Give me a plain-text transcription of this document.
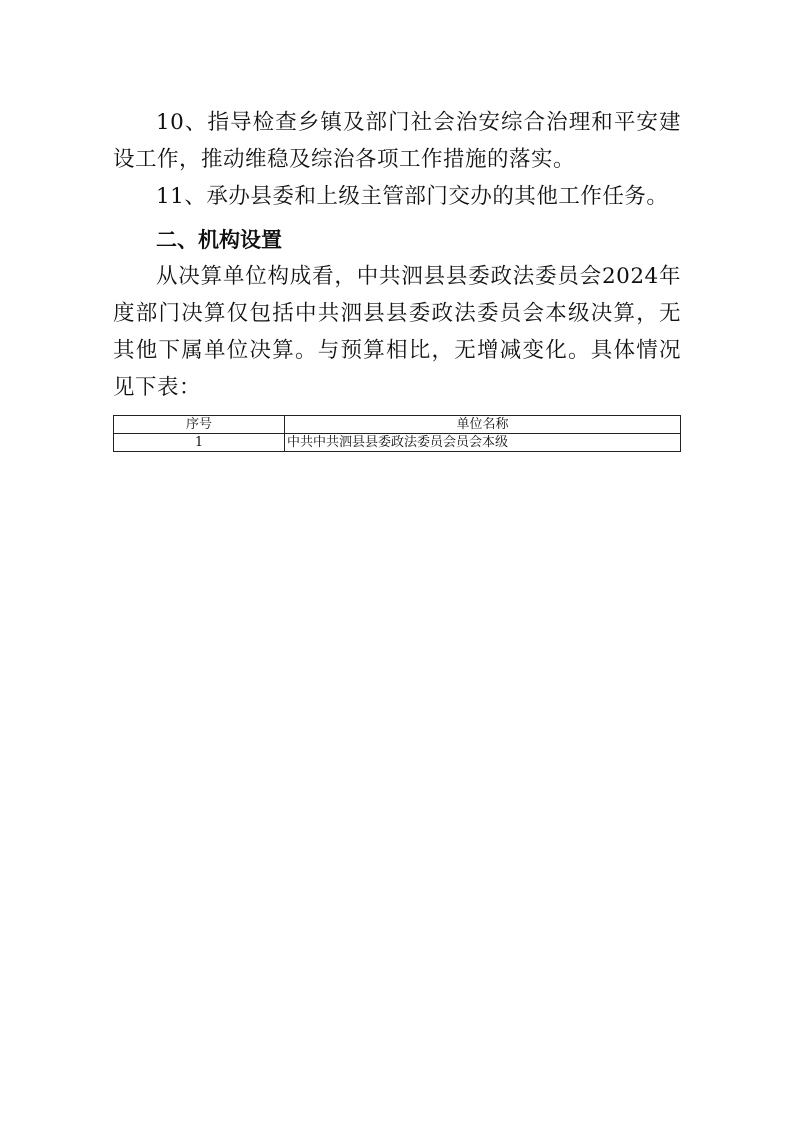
10、指导检查乡镇及部门社会治安综合治理和平安建设工作，推动维稳及综治各项工作措施的落实。

11、承办县委和上级主管部门交办的其他工作任务。

二、机构设置

从决算单位构成看，中共泗县县委政法委员会2024年度部门决算仅包括中共泗县县委政法委员会本级决算，无其他下属单位决算。与预算相比，无增减变化。具体情况见下表：

序号	单位名称
1	中共中共泗县县委政法委员会员会本级
